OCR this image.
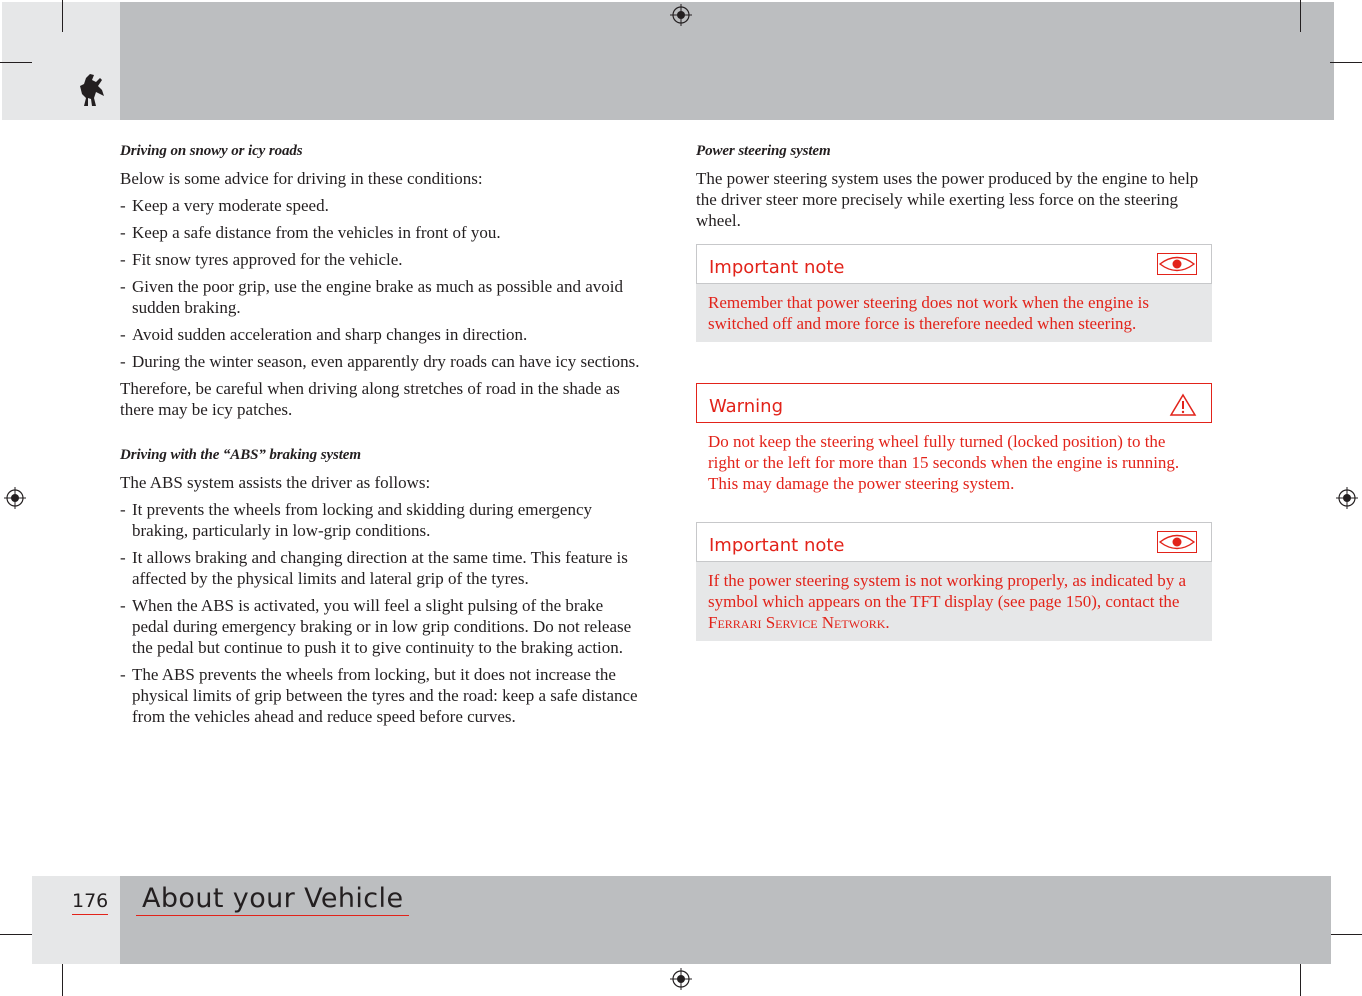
Driving on snowy or icy roads

Below is some advice for driving in these conditions:

- Keep a very moderate speed.
- Keep a safe distance from the vehicles in front of you.
- Fit snow tyres approved for the vehicle.
- Given the poor grip, use the engine brake as much as possible and avoid sudden braking.
- Avoid sudden acceleration and sharp changes in direction.
- During the winter season, even apparently dry roads can have icy sections.

Therefore, be careful when driving along stretches of road in the shade as there may be icy patches.

Driving with the “ABS” braking system

The ABS system assists the driver as follows:

- It prevents the wheels from locking and skidding during emergency braking, particularly in low-grip conditions.
- It allows braking and changing direction at the same time. This feature is affected by the physical limits and lateral grip of the tyres.
- When the ABS is activated, you will feel a slight pulsing of the brake pedal during emergency braking or in low grip conditions. Do not release the pedal but continue to push it to give continuity to the braking action.
- The ABS prevents the wheels from locking, but it does not increase the physical limits of grip between the tyres and the road: keep a safe distance from the vehicles ahead and reduce speed before curves.
Power steering system

The power steering system uses the power produced by the engine to help the driver steer more precisely while exerting less force on the steering wheel.

Important note
Remember that power steering does not work when the engine is switched off and more force is therefore needed when steering.
Warning
Do not keep the steering wheel fully turned (locked position) to the right or the left for more than 15 seconds when the engine is running. This may damage the power steering system.
Important note
If the power steering system is not working properly, as indicated by a symbol which appears on the TFT display (see page 150), contact the Ferrari Service Network.
176 About your Vehicle
